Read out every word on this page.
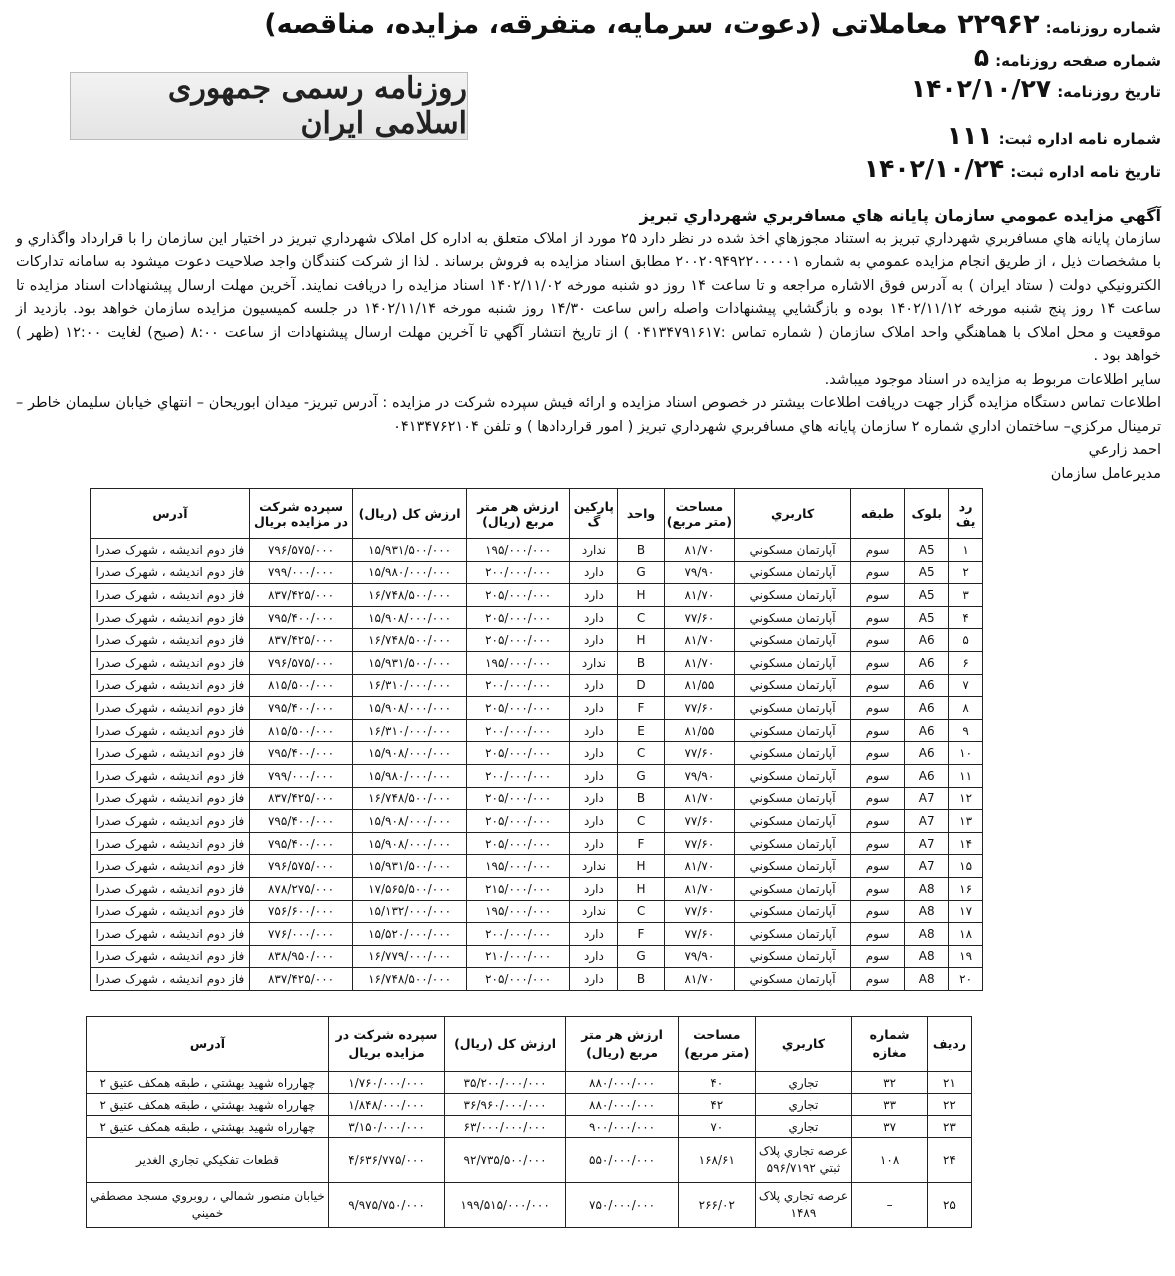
شماره روزنامه:
۲۲۹۶۲ معاملاتی (دعوت، سرمایه، متفرقه، مزایده، مناقصه)
شماره صفحه روزنامه:
۵
تاریخ روزنامه:
۱۴۰۲/۱۰/۲۷
روزنامه رسمی جمهوری اسلامی ایران	شماره نامه اداره ثبت:
۱۱۱
تاریخ نامه اداره ثبت:
۱۴۰۲/۱۰/۲۴

آگهي مزايده عمومي سازمان پايانه هاي مسافربري شهرداري تبريز

سازمان پايانه هاي مسافربري شهرداري تبريز به استناد مجوزهاي اخذ شده در نظر دارد ۲۵ مورد از املاک متعلق به اداره کل املاک شهرداري تبريز در اختيار اين سازمان را با قرارداد واگذاري و با مشخصات ذيل ، از طريق انجام مزايده عمومي به شماره ۲۰۰۲۰۹۴۹۲۲۰۰۰۰۰۱ مطابق اسناد مزايده به فروش برساند . لذا از شرکت کنندگان واجد صلاحيت دعوت ميشود به سامانه تدارکات الکترونيکي دولت ( ستاد ايران ) به آدرس فوق الاشاره مراجعه و تا ساعت ۱۴ روز دو شنبه مورخه ۱۴۰۲/۱۱/۰۲ اسناد مزايده را دريافت نمايند. آخرين مهلت ارسال پيشنهادات اسناد مزايده تا ساعت ۱۴ روز پنج شنبه مورخه ۱۴۰۲/۱۱/۱۲ بوده و بازگشايي پيشنهادات واصله راس ساعت ۱۴/۳۰ روز شنبه مورخه ۱۴۰۲/۱۱/۱۴ در جلسه کميسيون مزايده سازمان خواهد بود. بازديد از موقعيت و محل املاک با هماهنگي واحد املاک سازمان ( شماره تماس :۰۴۱۳۴۷۹۱۶۱۷ ) از تاريخ انتشار آگهي تا آخرين مهلت ارسال پيشنهادات از ساعت ۸:۰۰ (صبح) لغايت ۱۲:۰۰ (ظهر ) خواهد بود .

ساير اطلاعات مربوط به مزايده در اسناد موجود ميباشد.

اطلاعات تماس دستگاه مزايده گزار جهت دريافت اطلاعات بيشتر در خصوص اسناد مزايده و ارائه فيش سپرده شرکت در مزايده : آدرس تبريز- ميدان ابوريحان – انتهاي خيابان سليمان خاطر – ترمينال مرکزي– ساختمان اداري شماره ۲ سازمان پايانه هاي مسافربري شهرداري تبريز ( امور قراردادها ) و تلفن ۰۴۱۳۴۷۶۲۱۰۴

احمد زارعي

مديرعامل سازمان

رد يف	بلوک	طبقه	کاربري	مساحت (متر مربع)	واحد	پارکين گ	ارزش هر متر مربع (ريال)	ارزش کل (ريال)	سپرده شرکت در مزايده بريال	آدرس
۱	A5	سوم	آپارتمان مسکوني	۸۱/۷۰	B	ندارد	۱۹۵/۰۰۰/۰۰۰	۱۵/۹۳۱/۵۰۰/۰۰۰	۷۹۶/۵۷۵/۰۰۰	فاز دوم انديشه ، شهرک صدرا
۲	A5	سوم	آپارتمان مسکوني	۷۹/۹۰	G	دارد	۲۰۰/۰۰۰/۰۰۰	۱۵/۹۸۰/۰۰۰/۰۰۰	۷۹۹/۰۰۰/۰۰۰	فاز دوم انديشه ، شهرک صدرا
۳	A5	سوم	آپارتمان مسکوني	۸۱/۷۰	H	دارد	۲۰۵/۰۰۰/۰۰۰	۱۶/۷۴۸/۵۰۰/۰۰۰	۸۳۷/۴۲۵/۰۰۰	فاز دوم انديشه ، شهرک صدرا
۴	A5	سوم	آپارتمان مسکوني	۷۷/۶۰	C	دارد	۲۰۵/۰۰۰/۰۰۰	۱۵/۹۰۸/۰۰۰/۰۰۰	۷۹۵/۴۰۰/۰۰۰	فاز دوم انديشه ، شهرک صدرا
۵	A6	سوم	آپارتمان مسکوني	۸۱/۷۰	H	دارد	۲۰۵/۰۰۰/۰۰۰	۱۶/۷۴۸/۵۰۰/۰۰۰	۸۳۷/۴۲۵/۰۰۰	فاز دوم انديشه ، شهرک صدرا
۶	A6	سوم	آپارتمان مسکوني	۸۱/۷۰	B	ندارد	۱۹۵/۰۰۰/۰۰۰	۱۵/۹۳۱/۵۰۰/۰۰۰	۷۹۶/۵۷۵/۰۰۰	فاز دوم انديشه ، شهرک صدرا
۷	A6	سوم	آپارتمان مسکوني	۸۱/۵۵	D	دارد	۲۰۰/۰۰۰/۰۰۰	۱۶/۳۱۰/۰۰۰/۰۰۰	۸۱۵/۵۰۰/۰۰۰	فاز دوم انديشه ، شهرک صدرا
۸	A6	سوم	آپارتمان مسکوني	۷۷/۶۰	F	دارد	۲۰۵/۰۰۰/۰۰۰	۱۵/۹۰۸/۰۰۰/۰۰۰	۷۹۵/۴۰۰/۰۰۰	فاز دوم انديشه ، شهرک صدرا
۹	A6	سوم	آپارتمان مسکوني	۸۱/۵۵	E	دارد	۲۰۰/۰۰۰/۰۰۰	۱۶/۳۱۰/۰۰۰/۰۰۰	۸۱۵/۵۰۰/۰۰۰	فاز دوم انديشه ، شهرک صدرا
۱۰	A6	سوم	آپارتمان مسکوني	۷۷/۶۰	C	دارد	۲۰۵/۰۰۰/۰۰۰	۱۵/۹۰۸/۰۰۰/۰۰۰	۷۹۵/۴۰۰/۰۰۰	فاز دوم انديشه ، شهرک صدرا
۱۱	A6	سوم	آپارتمان مسکوني	۷۹/۹۰	G	دارد	۲۰۰/۰۰۰/۰۰۰	۱۵/۹۸۰/۰۰۰/۰۰۰	۷۹۹/۰۰۰/۰۰۰	فاز دوم انديشه ، شهرک صدرا
۱۲	A7	سوم	آپارتمان مسکوني	۸۱/۷۰	B	دارد	۲۰۵/۰۰۰/۰۰۰	۱۶/۷۴۸/۵۰۰/۰۰۰	۸۳۷/۴۲۵/۰۰۰	فاز دوم انديشه ، شهرک صدرا
۱۳	A7	سوم	آپارتمان مسکوني	۷۷/۶۰	C	دارد	۲۰۵/۰۰۰/۰۰۰	۱۵/۹۰۸/۰۰۰/۰۰۰	۷۹۵/۴۰۰/۰۰۰	فاز دوم انديشه ، شهرک صدرا
۱۴	A7	سوم	آپارتمان مسکوني	۷۷/۶۰	F	دارد	۲۰۵/۰۰۰/۰۰۰	۱۵/۹۰۸/۰۰۰/۰۰۰	۷۹۵/۴۰۰/۰۰۰	فاز دوم انديشه ، شهرک صدرا
۱۵	A7	سوم	آپارتمان مسکوني	۸۱/۷۰	H	ندارد	۱۹۵/۰۰۰/۰۰۰	۱۵/۹۳۱/۵۰۰/۰۰۰	۷۹۶/۵۷۵/۰۰۰	فاز دوم انديشه ، شهرک صدرا
۱۶	A8	سوم	آپارتمان مسکوني	۸۱/۷۰	H	دارد	۲۱۵/۰۰۰/۰۰۰	۱۷/۵۶۵/۵۰۰/۰۰۰	۸۷۸/۲۷۵/۰۰۰	فاز دوم انديشه ، شهرک صدرا
۱۷	A8	سوم	آپارتمان مسکوني	۷۷/۶۰	C	ندارد	۱۹۵/۰۰۰/۰۰۰	۱۵/۱۳۲/۰۰۰/۰۰۰	۷۵۶/۶۰۰/۰۰۰	فاز دوم انديشه ، شهرک صدرا
۱۸	A8	سوم	آپارتمان مسکوني	۷۷/۶۰	F	دارد	۲۰۰/۰۰۰/۰۰۰	۱۵/۵۲۰/۰۰۰/۰۰۰	۷۷۶/۰۰۰/۰۰۰	فاز دوم انديشه ، شهرک صدرا
۱۹	A8	سوم	آپارتمان مسکوني	۷۹/۹۰	G	دارد	۲۱۰/۰۰۰/۰۰۰	۱۶/۷۷۹/۰۰۰/۰۰۰	۸۳۸/۹۵۰/۰۰۰	فاز دوم انديشه ، شهرک صدرا
۲۰	A8	سوم	آپارتمان مسکوني	۸۱/۷۰	B	دارد	۲۰۵/۰۰۰/۰۰۰	۱۶/۷۴۸/۵۰۰/۰۰۰	۸۳۷/۴۲۵/۰۰۰	فاز دوم انديشه ، شهرک صدرا
رديف	شماره مغازه	کاربري	مساحت (متر مربع)	ارزش هر متر مربع (ريال)	ارزش کل (ريال)	سپرده شرکت در مزايده بريال	آدرس
۲۱	۳۲	تجاري	۴۰	۸۸۰/۰۰۰/۰۰۰	۳۵/۲۰۰/۰۰۰/۰۰۰	۱/۷۶۰/۰۰۰/۰۰۰	چهارراه شهيد بهشتي ، طبقه همکف عتيق ۲
۲۲	۳۳	تجاري	۴۲	۸۸۰/۰۰۰/۰۰۰	۳۶/۹۶۰/۰۰۰/۰۰۰	۱/۸۴۸/۰۰۰/۰۰۰	چهارراه شهيد بهشتي ، طبقه همکف عتيق ۲
۲۳	۳۷	تجاري	۷۰	۹۰۰/۰۰۰/۰۰۰	۶۳/۰۰۰/۰۰۰/۰۰۰	۳/۱۵۰/۰۰۰/۰۰۰	چهارراه شهيد بهشتي ، طبقه همکف عتيق ۲
۲۴	۱۰۸	عرصه تجاري پلاک ثبتي ۵۹۶/۷۱۹۲	۱۶۸/۶۱	۵۵۰/۰۰۰/۰۰۰	۹۲/۷۳۵/۵۰۰/۰۰۰	۴/۶۳۶/۷۷۵/۰۰۰	قطعات تفکيکي تجاري الغدير
۲۵	–	عرصه تجاري پلاک ۱۴۸۹	۲۶۶/۰۲	۷۵۰/۰۰۰/۰۰۰	۱۹۹/۵۱۵/۰۰۰/۰۰۰	۹/۹۷۵/۷۵۰/۰۰۰	خيابان منصور شمالي ، روبروي مسجد مصطفي خميني
